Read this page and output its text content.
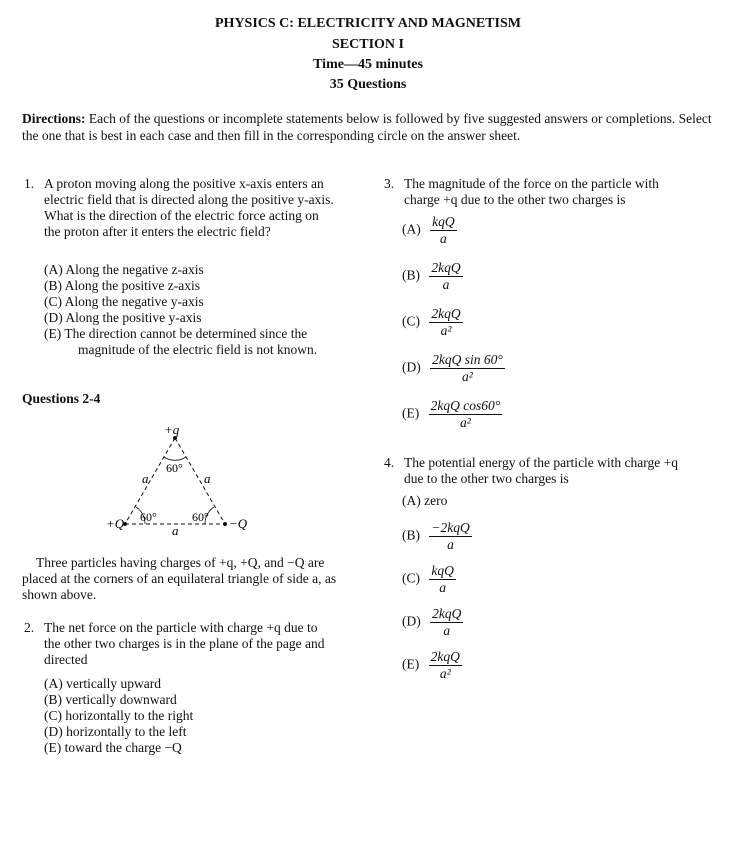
PHYSICS C: ELECTRICITY AND MAGNETISM
SECTION I
Time—45 minutes
35 Questions
Directions: Each of the questions or incomplete statements below is followed by five suggested answers or completions. Select the one that is best in each case and then fill in the corresponding circle on the answer sheet.
1. A proton moving along the positive x-axis enters an electric field that is directed along the positive y-axis. What is the direction of the electric force acting on the proton after it enters the electric field?
(A) Along the negative z-axis
(B) Along the positive z-axis
(C) Along the negative y-axis
(D) Along the positive y-axis
(E) The direction cannot be determined since the
magnitude of the electric field is not known.
Questions 2-4
+q
+Q	−Q
a	a
a
60°
60°	60°
Three particles having charges of +q, +Q, and −Q are placed at the corners of an equilateral triangle of side a, as shown above.
2. The net force on the particle with charge +q due to the other two charges is in the plane of the page and directed
(A) vertically upward
(B) vertically downward
(C) horizontally to the right
(D) horizontally to the left
(E) toward the charge −Q
3. The magnitude of the force on the particle with charge +q due to the other two charges is
$(A) \frac{\text{kqQ}}{a}$
$(B) \frac{\text{2kqQ}}{a}$
$(C) \frac{\text{2kqQ}}{\text{a²}}$
$(D) \frac{\text{2kqQ sin 60°}}{\text{a²}}$
$(E) \frac{\text{2kqQ cos60°}}{\text{a²}}$
4. The potential energy of the particle with charge +q due to the other two charges is
(A) zero
$(B) \frac{\text{−2kqQ}}{a}$
$(C) \frac{\text{kqQ}}{a}$
$(D) \frac{\text{2kqQ}}{a}$
$(E) \frac{\text{2kqQ}}{\text{a²}}$
